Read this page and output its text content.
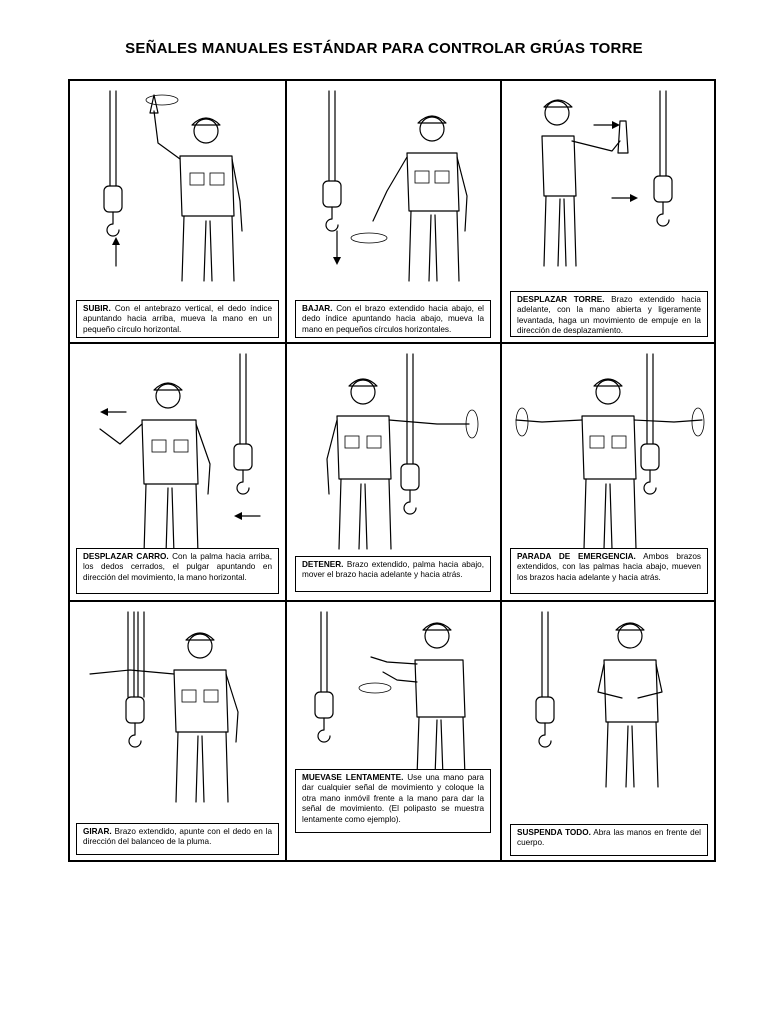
SEÑALES MANUALES ESTÁNDAR PARA CONTROLAR GRÚAS TORRE
SUBIR. Con el antebrazo vertical, el dedo índice apuntando hacia arriba, mueva la mano en un pequeño círculo horizontal.
BAJAR. Con el brazo extendido hacia abajo, el dedo índice apuntando hacia abajo, mueva la mano en pequeños círculos horizontales.
DESPLAZAR TORRE. Brazo extendido hacia adelante, con la mano abierta y ligeramente levantada, haga un movimiento de empuje en la dirección de desplazamiento.
DESPLAZAR CARRO. Con la palma hacia arriba, los dedos cerrados, el pulgar apuntando en dirección del movimiento, la mano horizontal.
DETENER. Brazo extendido, palma hacia abajo, mover el brazo hacia adelante y hacia atrás.
PARADA DE EMERGENCIA. Ambos brazos extendidos, con las palmas hacia abajo, mueven los brazos hacia adelante y hacia atrás.
GIRAR. Brazo extendido, apunte con el dedo en la dirección del balanceo de la pluma.
MUEVASE LENTAMENTE. Use una mano para dar cualquier señal de movimiento y coloque la otra mano inmóvil frente a la mano para dar la señal de movimiento. (El polipasto se muestra lentamente como ejemplo).
SUSPENDA TODO. Abra las manos en frente del cuerpo.
